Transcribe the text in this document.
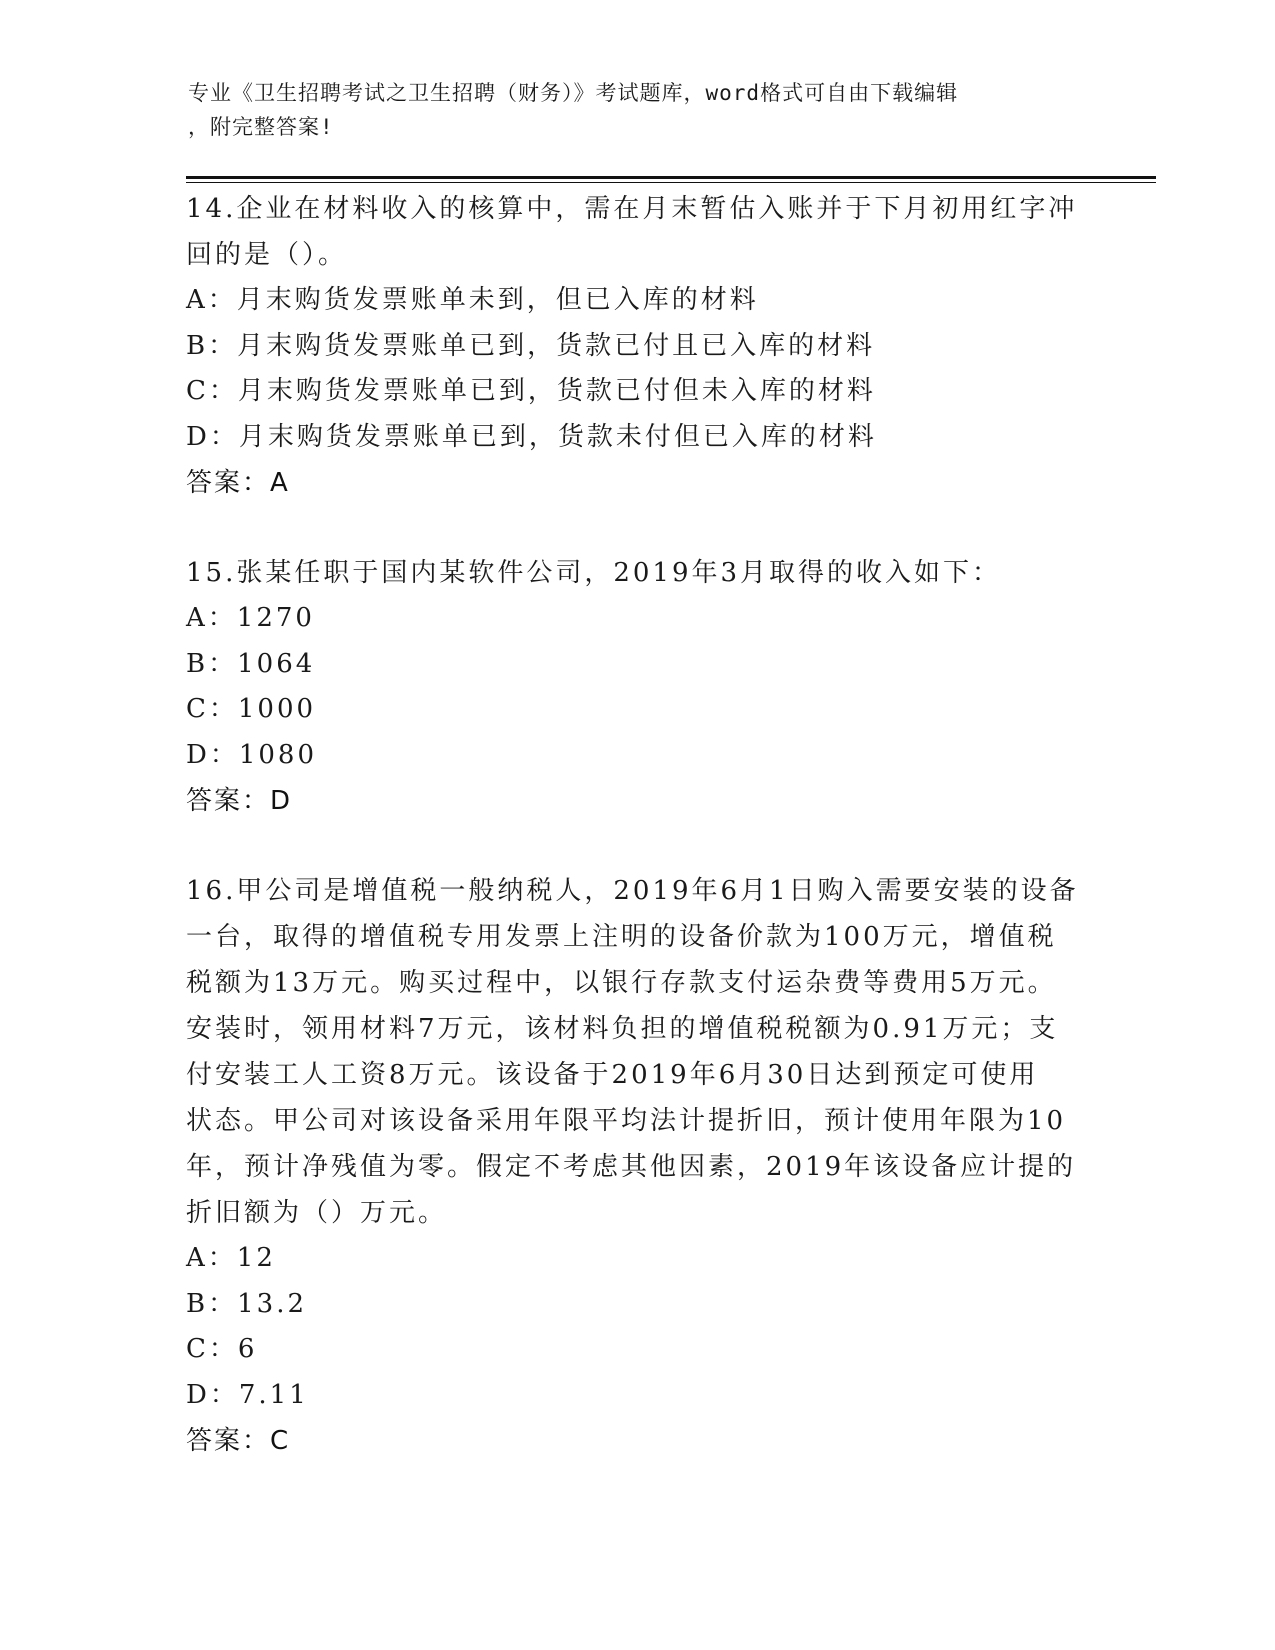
专业《卫生招聘考试之卫生招聘（财务）》考试题库，word格式可自由下载编辑
，附完整答案!
14.企业在材料收入的核算中，需在月末暂估入账并于下月初用红字冲
回的是（）。
A：月末购货发票账单未到，但已入库的材料
B：月末购货发票账单已到，货款已付且已入库的材料
C：月末购货发票账单已到，货款已付但未入库的材料
D：月末购货发票账单已到，货款未付但已入库的材料
答案：A
15.张某任职于国内某软件公司，2019年3月取得的收入如下：
A：1270
B：1064
C：1000
D：1080
答案：D
16.甲公司是增值税一般纳税人，2019年6月1日购入需要安装的设备
一台，取得的增值税专用发票上注明的设备价款为100万元，增值税
税额为13万元。购买过程中，以银行存款支付运杂费等费用5万元。
安装时，领用材料7万元，该材料负担的增值税税额为0.91万元；支
付安装工人工资8万元。该设备于2019年6月30日达到预定可使用
状态。甲公司对该设备采用年限平均法计提折旧，预计使用年限为10
年，预计净残值为零。假定不考虑其他因素，2019年该设备应计提的
折旧额为（）万元。
A：12
B：13.2
C：6
D：7.11
答案：C
